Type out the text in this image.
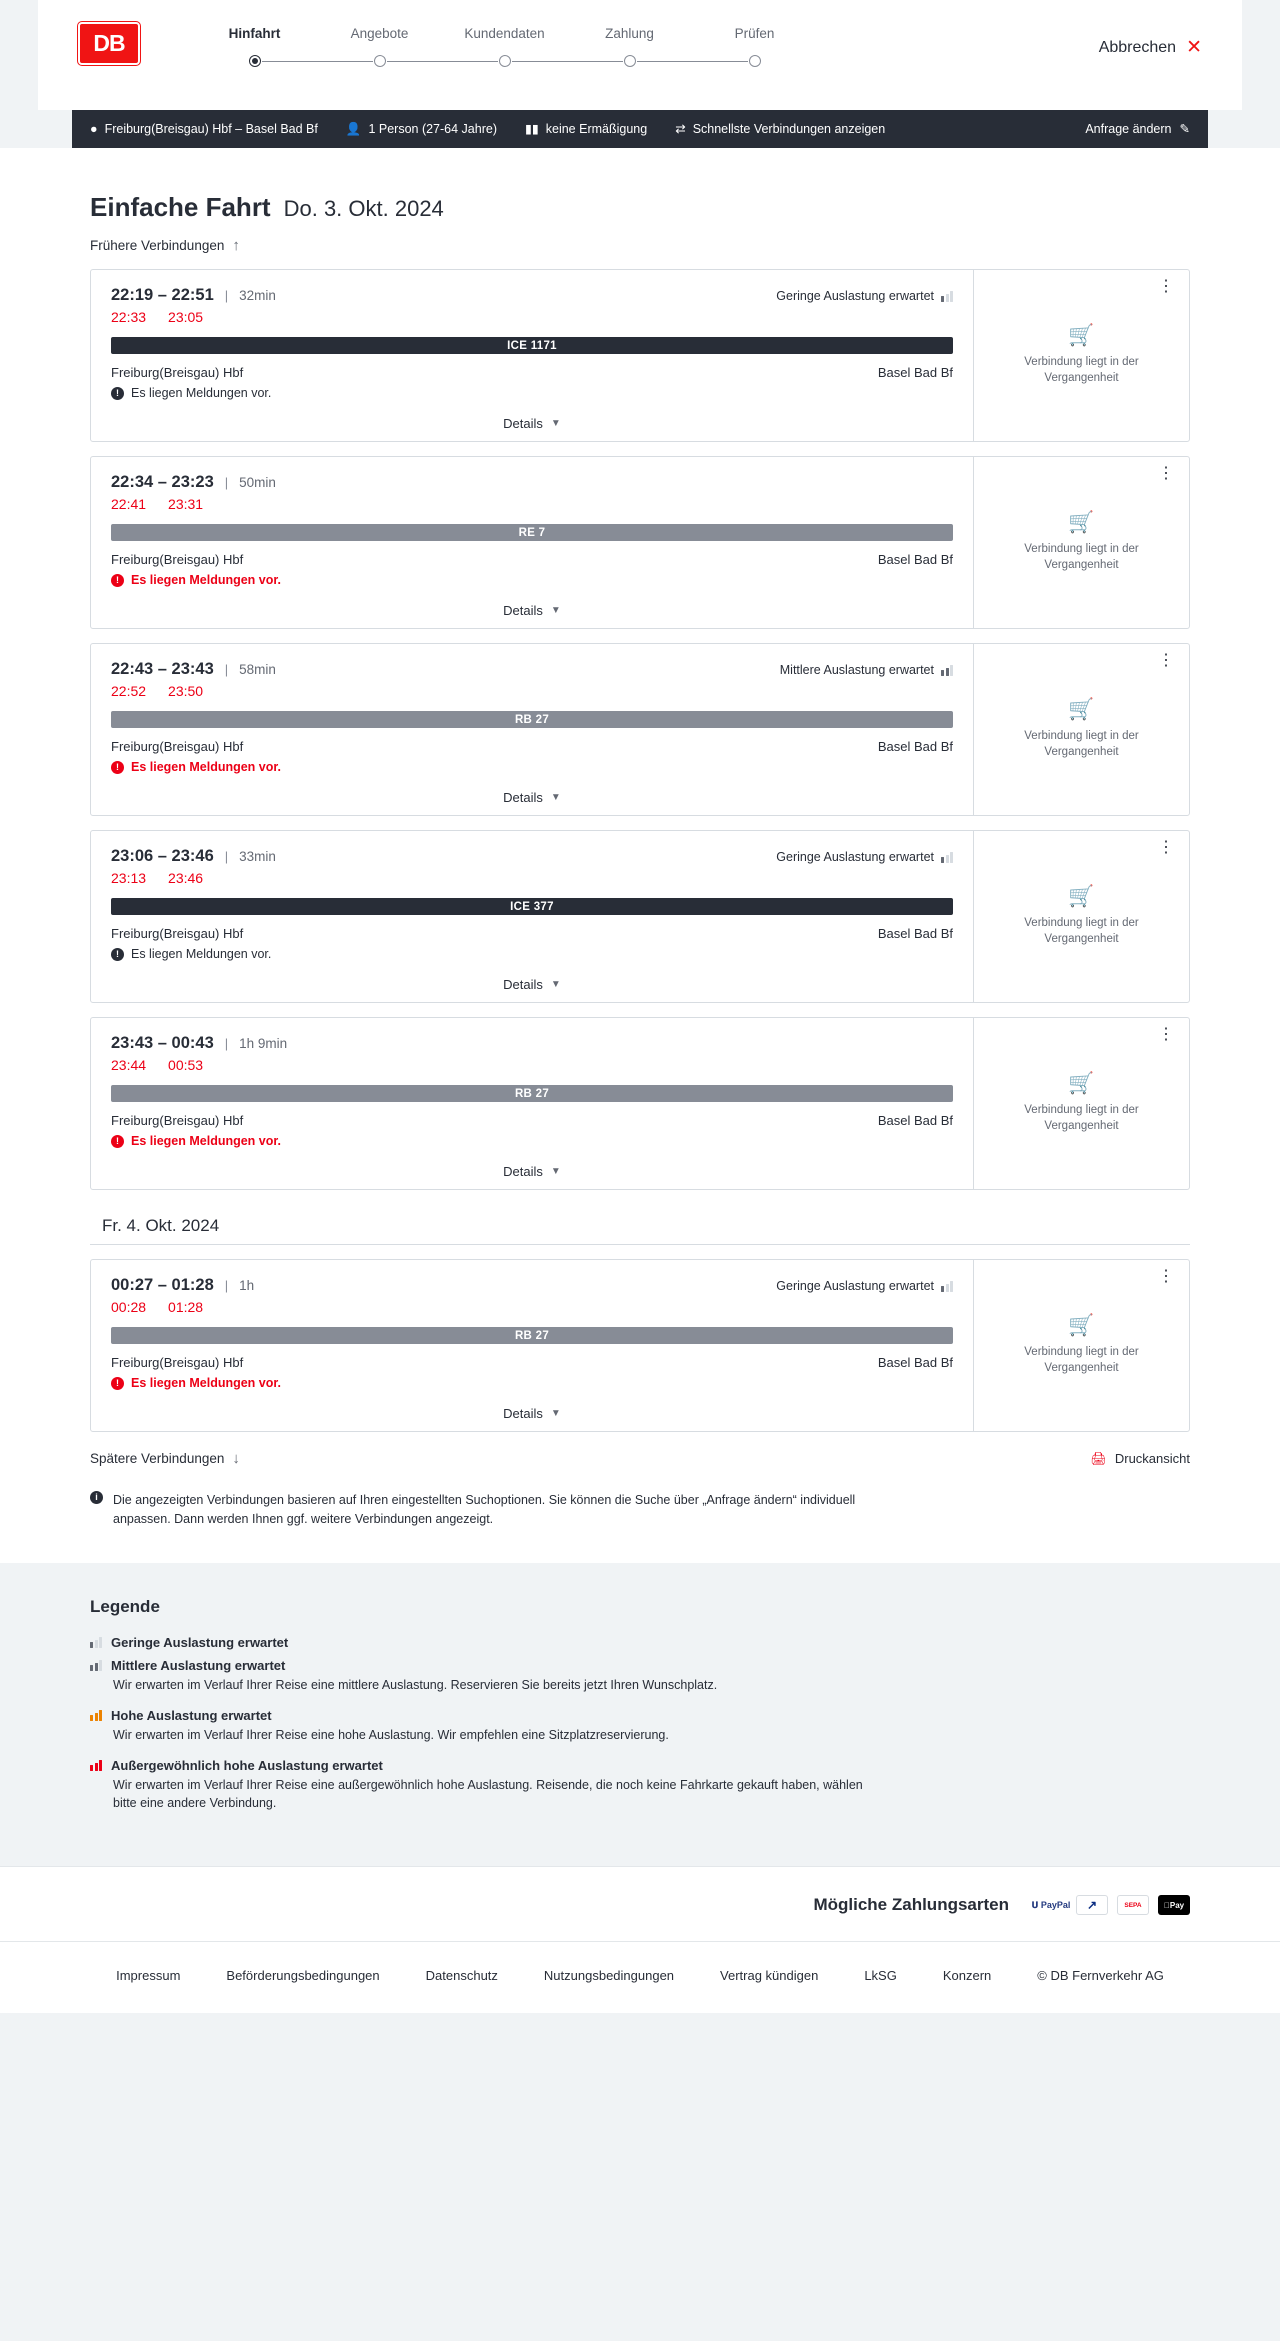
DB	Hinfahrt	Angebote	Kundendaten	Zahlung	Prüfen
Abbrechen ✕
● Freiburg(Breisgau) Hbf – Basel Bad Bf 👤 1 Person (27-64 Jahre) ▮▮ keine Ermäßigung ⇄ Schnellste Verbindungen anzeigen	Anfrage ändern ✎
Einfache Fahrt Do. 3. Okt. 2024
Frühere Verbindungen ↑
22:19 – 22:51 | 32min	Geringe Auslastung erwartet
22:33 23:05
ICE 1171
Freiburg(Breisgau) Hbf	Basel Bad Bf
! Es liegen Meldungen vor.
Details ▼
⋮
🛒
Verbindung liegt in der Vergangenheit
22:34 – 23:23 | 50min
22:41 23:31
RE 7
Freiburg(Breisgau) Hbf	Basel Bad Bf
! Es liegen Meldungen vor.
Details ▼
⋮
🛒
Verbindung liegt in der Vergangenheit
22:43 – 23:43 | 58min	Mittlere Auslastung erwartet
22:52 23:50
RB 27
Freiburg(Breisgau) Hbf	Basel Bad Bf
! Es liegen Meldungen vor.
Details ▼
⋮
🛒
Verbindung liegt in der Vergangenheit
23:06 – 23:46 | 33min	Geringe Auslastung erwartet
23:13 23:46
ICE 377
Freiburg(Breisgau) Hbf	Basel Bad Bf
! Es liegen Meldungen vor.
Details ▼
⋮
🛒
Verbindung liegt in der Vergangenheit
23:43 – 00:43 | 1h 9min
23:44 00:53
RB 27
Freiburg(Breisgau) Hbf	Basel Bad Bf
! Es liegen Meldungen vor.
Details ▼
⋮
🛒
Verbindung liegt in der Vergangenheit
Fr. 4. Okt. 2024
00:27 – 01:28 | 1h	Geringe Auslastung erwartet
00:28 01:28
RB 27
Freiburg(Breisgau) Hbf	Basel Bad Bf
! Es liegen Meldungen vor.
Details ▼
⋮
🛒
Verbindung liegt in der Vergangenheit
Spätere Verbindungen ↓	🖨 Druckansicht
i	Die angezeigten Verbindungen basieren auf Ihren eingestellten Suchoptionen. Sie können die Suche über „Anfrage ändern“ individuell anpassen. Dann werden Ihnen ggf. weitere Verbindungen angezeigt.
Legende
Geringe Auslastung erwartet
Mittlere Auslastung erwartet
Wir erwarten im Verlauf Ihrer Reise eine mittlere Auslastung. Reservieren Sie bereits jetzt Ihren Wunschplatz.
Hohe Auslastung erwartet
Wir erwarten im Verlauf Ihrer Reise eine hohe Auslastung. Wir empfehlen eine Sitzplatzreservierung.
Außergewöhnlich hohe Auslastung erwartet
Wir erwarten im Verlauf Ihrer Reise eine außergewöhnlich hohe Auslastung. Reisende, die noch keine Fahrkarte gekauft haben, wählen bitte eine andere Verbindung.
Mögliche Zahlungsarten	𝐔 PayPal	↗	SEPA	Pay
Impressum	Beförderungsbedingungen	Datenschutz	Nutzungsbedingungen	Vertrag kündigen	LkSG	Konzern	© DB Fernverkehr AG
